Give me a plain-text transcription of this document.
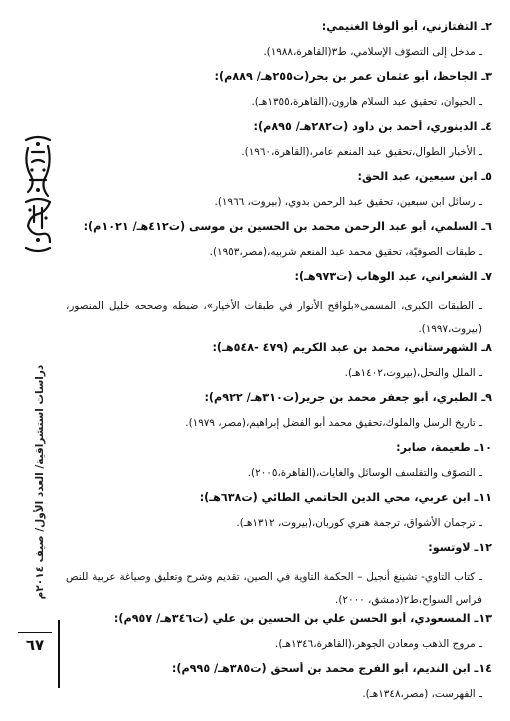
٢ـ التفتازني، أبو ألوفا الغنيمي:
ـ مدخل إلى التصوّف الإسلامي، ط٣(القاهرة،١٩٨٨).
٣ـ الجاحظ، أبو عثمان عمر بن بحر(ت٢٥٥هـ/ ٨٨٩م):
ـ الحيوان، تحقيق عبد السلام هارون،(القاهرة،١٣٥٥هـ).
٤ـ الدينوري، أحمد بن داود (ت٢٨٢هـ/ ٨٩٥م):
ـ الأخبار الطوال،تحقيق عبد المنعم عامر،(القاهرة،١٩٦٠).
٥ـ ابن سبعين، عبد الحق:
ـ رسائل ابن سبعين، تحقيق عبد الرحمن بدوي، (بيروت، ١٩٦٦).
٦ـ السلمي، أبو عبد الرحمن محمد بن الحسين بن موسى (ت٤١٢هـ/ ١٠٢١م):
ـ طبقات الصوفيّة، تحقيق محمد عبد المنعم شربيه،(مصر،١٩٥٣).
٧ـ الشعراني، عبد الوهاب (ت٩٧٣هـ):
ـ الطبقات الكبرى، المسمى«بلواقح الأنوار في طبقات الأخيار»، ضبطه وصححه خليل المنصور،(بيروت،١٩٩٧).
٨ـ الشهرستاني، محمد بن عبد الكريم (٤٧٩ -٥٤٨هـ):
ـ الملل والنحل،(بيروت،١٤٠٢هـ).
٩ـ الطبري، أبو جعفر محمد بن جرير(ت٣١٠هـ/ ٩٢٢م):
ـ تاريخ الرسل والملوك،تحقيق محمد أبو الفضل إبراهيم،(مصر، ١٩٧٩).
١٠ـ طعيمة، صابر:
ـ التصوّف والتفلسف الوسائل والغايات،(القاهرة،٢٠٠٥).
١١ـ ابن عربي، محي الدين الحاتمي الطائي (ت٦٣٨هـ):
ـ ترجمان الأشواق، ترجمة هنري كوربان،(بيروت، ١٣١٢هـ).
١٢ـ لاوتسو:
ـ كتاب التاوي- تشينغ أنجيل – الحكمة التاوية في الصين، تقديم وشرح وتعليق وصياغة عربية للنص فراس السواح،ط٢(دمشق، ٢٠٠٠).
١٣ـ المسعودي، أبو الحسن علي بن الحسين بن علي (ت٣٤٦هـ/ ٩٥٧م):
ـ مروج الذهب ومعادن الجوهر،(القاهرة،١٣٤٦هـ).
١٤ـ ابن النديم، أبو الفرج محمد بن أسحق (ت٣٨٥هـ/ ٩٩٥م):
ـ الفهرست، (مصر،١٣٤٨هـ).
دراسات استشراقية/ العدد الأول/ صيف ٢٠١٤م
٦٧
